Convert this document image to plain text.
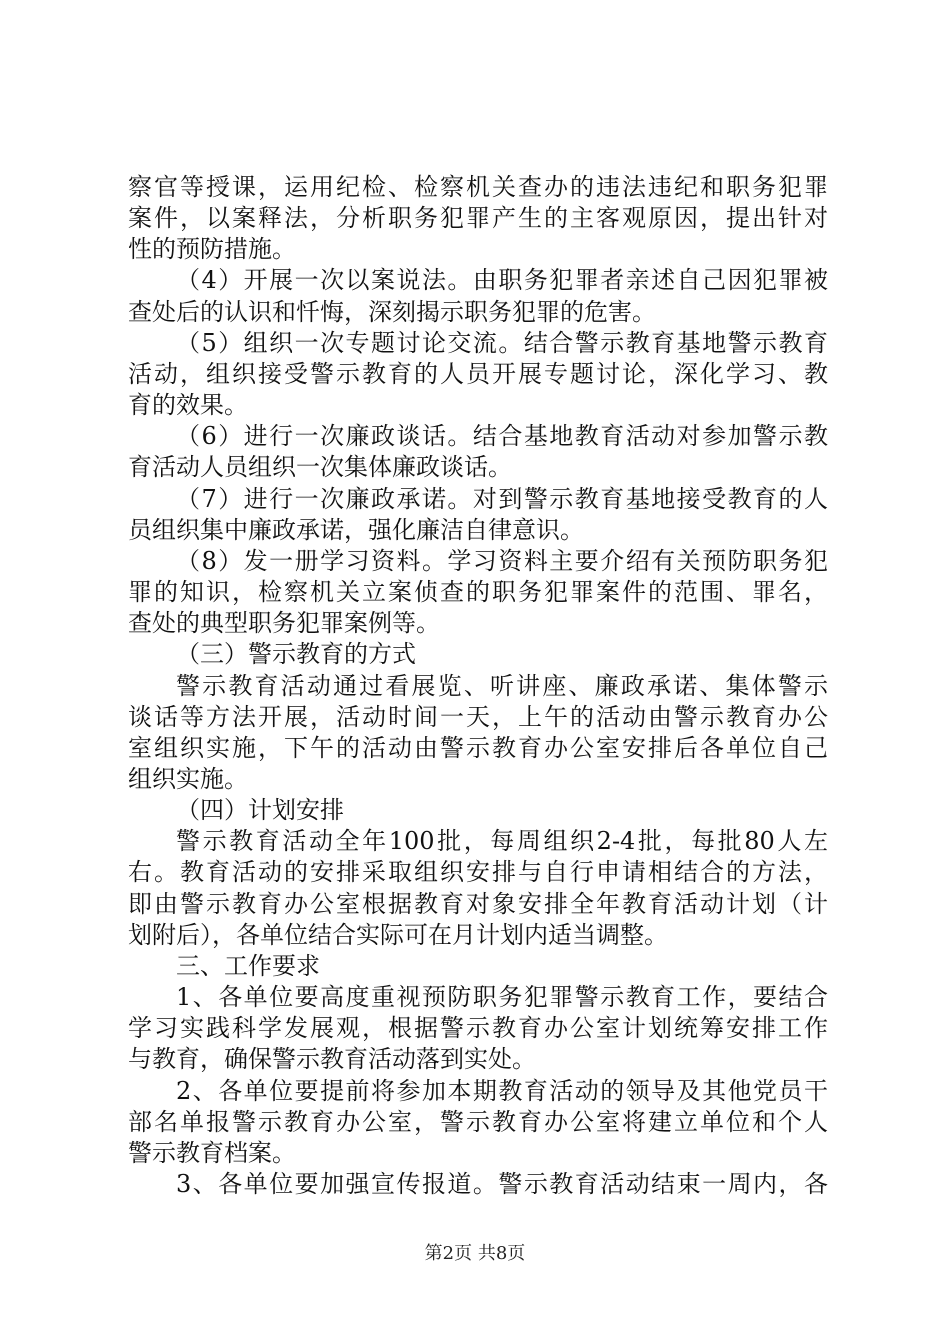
察官等授课，运用纪检、检察机关查办的违法违纪和职务犯罪
案件，以案释法，分析职务犯罪产生的主客观原因，提出针对
性的预防措施。
（4）开展一次以案说法。由职务犯罪者亲述自己因犯罪被
查处后的认识和忏悔，深刻揭示职务犯罪的危害。
（5）组织一次专题讨论交流。结合警示教育基地警示教育
活动，组织接受警示教育的人员开展专题讨论，深化学习、教
育的效果。
（6）进行一次廉政谈话。结合基地教育活动对参加警示教
育活动人员组织一次集体廉政谈话。
（7）进行一次廉政承诺。对到警示教育基地接受教育的人
员组织集中廉政承诺，强化廉洁自律意识。
（8）发一册学习资料。学习资料主要介绍有关预防职务犯
罪的知识，检察机关立案侦查的职务犯罪案件的范围、罪名，
查处的典型职务犯罪案例等。
（三）警示教育的方式
警示教育活动通过看展览、听讲座、廉政承诺、集体警示
谈话等方法开展，活动时间一天，上午的活动由警示教育办公
室组织实施，下午的活动由警示教育办公室安排后各单位自己
组织实施。
（四）计划安排
警示教育活动全年100批，每周组织2-4批，每批80人左
右。教育活动的安排采取组织安排与自行申请相结合的方法，
即由警示教育办公室根据教育对象安排全年教育活动计划（计
划附后），各单位结合实际可在月计划内适当调整。
三、工作要求
1、各单位要高度重视预防职务犯罪警示教育工作，要结合
学习实践科学发展观，根据警示教育办公室计划统筹安排工作
与教育，确保警示教育活动落到实处。
2、各单位要提前将参加本期教育活动的领导及其他党员干
部名单报警示教育办公室，警示教育办公室将建立单位和个人
警示教育档案。
3、各单位要加强宣传报道。警示教育活动结束一周内，各
第2页 共8页
